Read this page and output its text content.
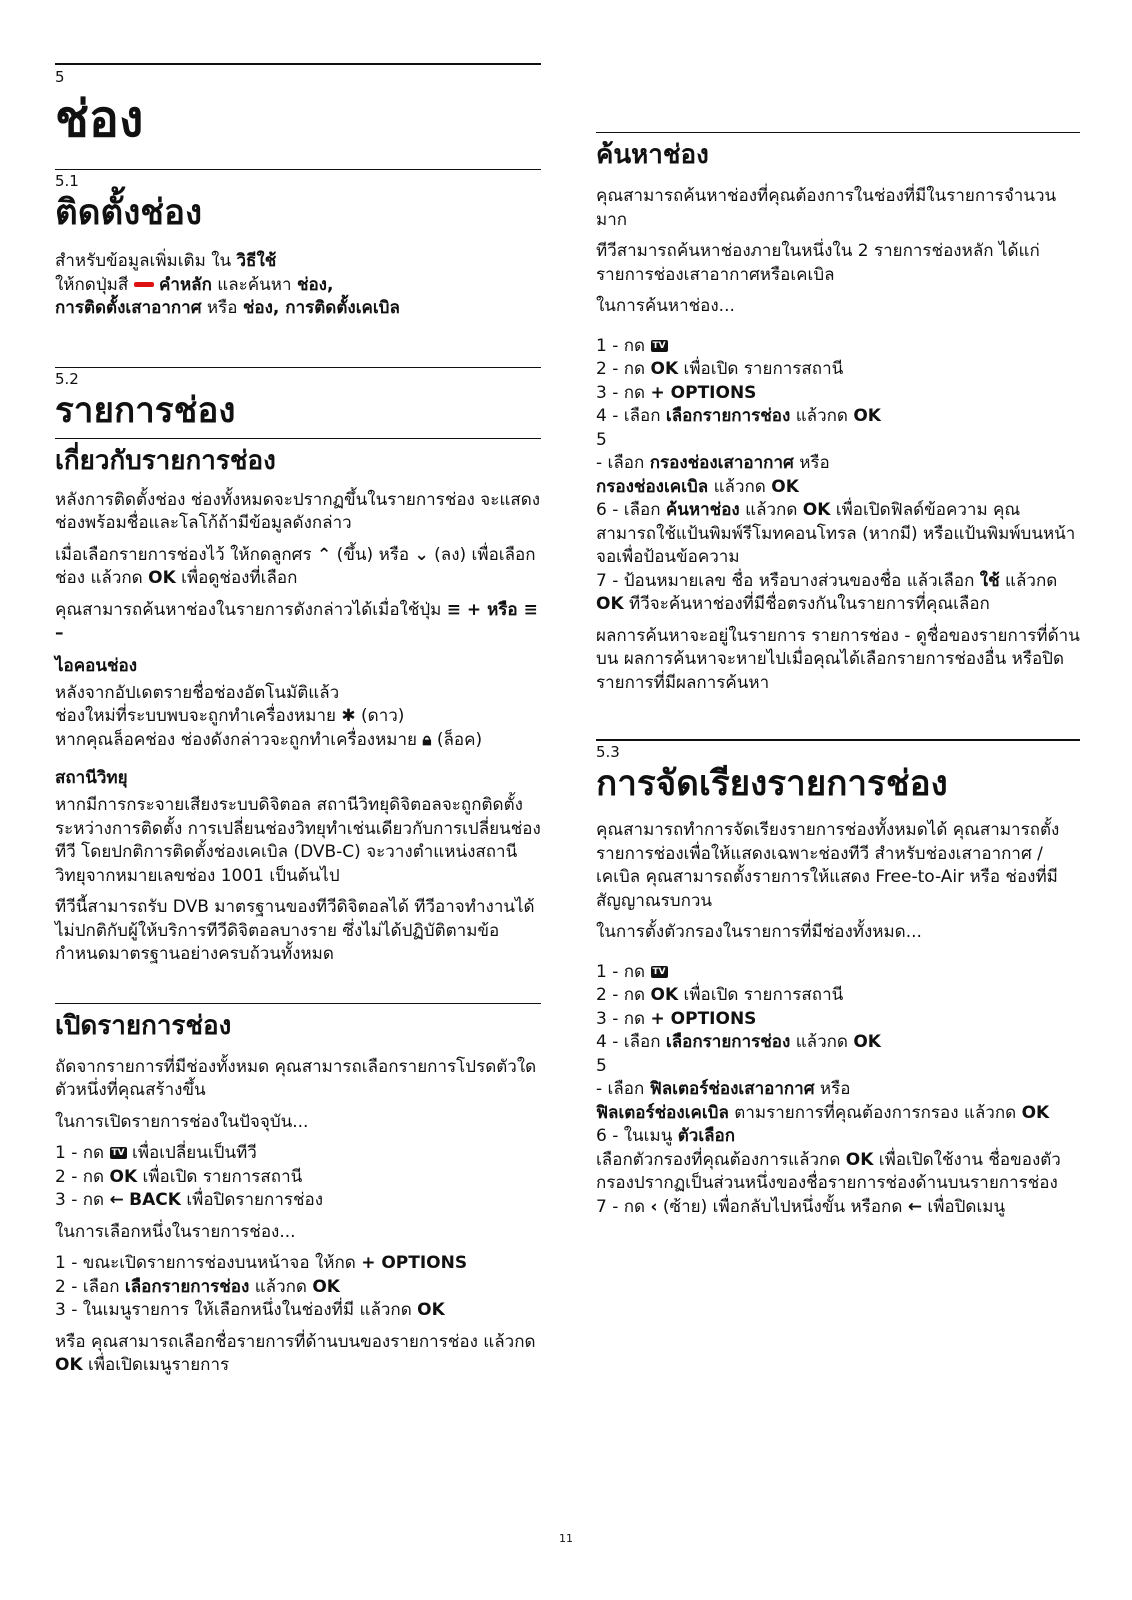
5
ช่อง
5.1
ติดตั้งช่อง
สำหรับข้อมูลเพิ่มเติม ใน วิธีใช้
ให้กดปุ่มสี  คำหลัก และค้นหา ช่อง,
การติดตั้งเสาอากาศ หรือ ช่อง, การติดตั้งเคเบิล
5.2
รายการช่อง
เกี่ยวกับรายการช่อง

หลังการติดตั้งช่อง ช่องทั้งหมดจะปรากฏขึ้นในรายการช่อง จะแสดงช่องพร้อมชื่อและโลโก้ถ้ามีข้อมูลดังกล่าว

เมื่อเลือกรายการช่องไว้ ให้กดลูกศร ⌃ (ขึ้น) หรือ ⌄ (ลง) เพื่อเลือกช่อง แล้วกด OK เพื่อดูช่องที่เลือก

คุณสามารถค้นหาช่องในรายการดังกล่าวได้เมื่อใช้ปุ่ม ≡ + หรือ ≡ –

ไอคอนช่อง

หลังจากอัปเดตรายชื่อช่องอัตโนมัติแล้ว
ช่องใหม่ที่ระบบพบจะถูกทำเครื่องหมาย ✱ (ดาว)
หากคุณล็อคช่อง ช่องดังกล่าวจะถูกทำเครื่องหมาย 🔒︎ (ล็อค)

สถานีวิทยุ

หากมีการกระจายเสียงระบบดิจิตอล สถานีวิทยุดิจิตอลจะถูกติดตั้งระหว่างการติดตั้ง การเปลี่ยนช่องวิทยุทำเช่นเดียวกับการเปลี่ยนช่องทีวี โดยปกติการติดตั้งช่องเคเบิล (DVB-C) จะวางตำแหน่งสถานีวิทยุจากหมายเลขช่อง 1001 เป็นต้นไป

ทีวีนี้สามารถรับ DVB มาตรฐานของทีวีดิจิตอลได้ ทีวีอาจทำงานได้ไม่ปกติกับผู้ให้บริการทีวีดิจิตอลบางราย ซึ่งไม่ได้ปฏิบัติตามข้อกำหนดมาตรฐานอย่างครบถ้วนทั้งหมด

เปิดรายการช่อง

ถัดจากรายการที่มีช่องทั้งหมด คุณสามารถเลือกรายการโปรดตัวใดตัวหนึ่งที่คุณสร้างขึ้น

ในการเปิดรายการช่องในปัจจุบัน...

1 - กด TV เพื่อเปลี่ยนเป็นทีวี
2 - กด OK เพื่อเปิด รายการสถานี
3 - กด ← BACK เพื่อปิดรายการช่อง

ในการเลือกหนึ่งในรายการช่อง...

1 - ขณะเปิดรายการช่องบนหน้าจอ ให้กด + OPTIONS
2 - เลือก เลือกรายการช่อง แล้วกด OK
3 - ในเมนูรายการ ให้เลือกหนึ่งในช่องที่มี แล้วกด OK

หรือ คุณสามารถเลือกชื่อรายการที่ด้านบนของรายการช่อง แล้วกด OK เพื่อเปิดเมนูรายการ

ค้นหาช่อง

คุณสามารถค้นหาช่องที่คุณต้องการในช่องที่มีในรายการจำนวนมาก

ทีวีสามารถค้นหาช่องภายในหนึ่งใน 2 รายการช่องหลัก ได้แก่ รายการช่องเสาอากาศหรือเคเบิล

ในการค้นหาช่อง...

1 - กด TV
2 - กด OK เพื่อเปิด รายการสถานี
3 - กด + OPTIONS
4 - เลือก เลือกรายการช่อง แล้วกด OK
5
- เลือก กรองช่องเสาอากาศ หรือ
กรองช่องเคเบิล แล้วกด OK
6 - เลือก ค้นหาช่อง แล้วกด OK เพื่อเปิดฟิลด์ข้อความ คุณสามารถใช้แป้นพิมพ์รีโมทคอนโทรล (หากมี) หรือแป้นพิมพ์บนหน้าจอเพื่อป้อนข้อความ
7 - ป้อนหมายเลข ชื่อ หรือบางส่วนของชื่อ แล้วเลือก ใช้ แล้วกด OK ทีวีจะค้นหาช่องที่มีชื่อตรงกันในรายการที่คุณเลือก

ผลการค้นหาจะอยู่ในรายการ รายการช่อง - ดูชื่อของรายการที่ด้านบน ผลการค้นหาจะหายไปเมื่อคุณได้เลือกรายการช่องอื่น หรือปิดรายการที่มีผลการค้นหา

5.3
การจัดเรียงรายการช่อง

คุณสามารถทำการจัดเรียงรายการช่องทั้งหมดได้ คุณสามารถตั้งรายการช่องเพื่อให้แสดงเฉพาะช่องทีวี สำหรับช่องเสาอากาศ / เคเบิล คุณสามารถตั้งรายการให้แสดง Free-to-Air หรือ ช่องที่มีสัญญาณรบกวน

ในการตั้งตัวกรองในรายการที่มีช่องทั้งหมด...

1 - กด TV
2 - กด OK เพื่อเปิด รายการสถานี
3 - กด + OPTIONS
4 - เลือก เลือกรายการช่อง แล้วกด OK
5
- เลือก ฟิลเตอร์ช่องเสาอากาศ หรือ
ฟิลเตอร์ช่องเคเบิล ตามรายการที่คุณต้องการกรอง แล้วกด OK
6 - ในเมนู ตัวเลือก
เลือกตัวกรองที่คุณต้องการแล้วกด OK เพื่อเปิดใช้งาน ชื่อของตัวกรองปรากฏเป็นส่วนหนึ่งของชื่อรายการช่องด้านบนรายการช่อง
7 - กด ‹ (ซ้าย) เพื่อกลับไปหนึ่งขั้น หรือกด ← เพื่อปิดเมนู
11
